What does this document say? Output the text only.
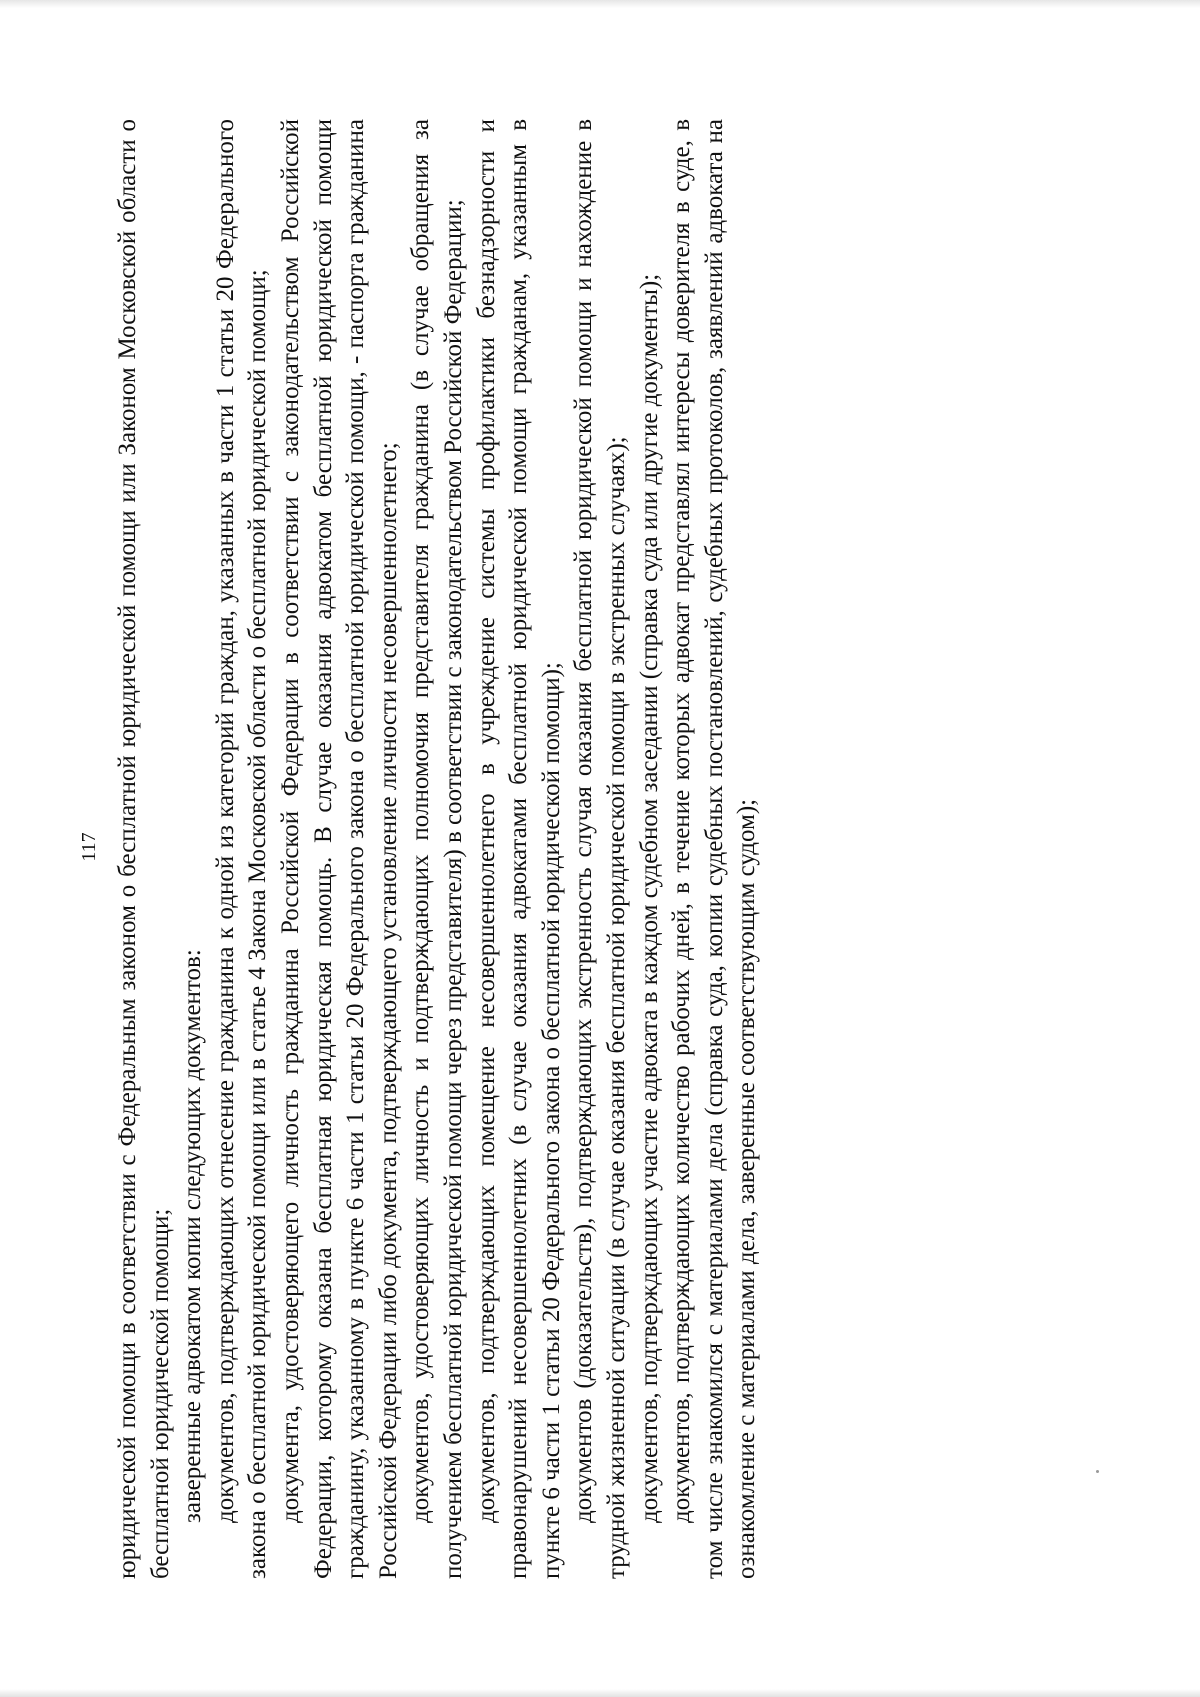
117 юридической помощи в соответствии с Федеральным законом о бесплатной юридической помощи или Законом Московской области о бесплатной юридической помощи; заверенные адвокатом копии следующих документов: документов, подтверждающих отнесение гражданина к одной из категорий граждан, указанных в части 1 статьи 20 Федерального закона о бесплатной юридической помощи или в статье 4 Закона Московской области о бесплатной юридической помощи; документа, удостоверяющего личность гражданина Российской Федерации в соответствии с законодательством Российской Федерации, которому оказана бесплатная юридическая помощь. В случае оказания адвокатом бесплатной юридической помощи гражданину, указанному в пункте 6 части 1 статьи 20 Федерального закона о бесплатной юридической помощи, - паспорта гражданина Российской Федерации либо документа, подтверждающего установление личности несовершеннолетнего; документов, удостоверяющих личность и подтверждающих полномочия представителя гражданина (в случае обращения за получением бесплатной юридической помощи через представителя) в соответствии с законодательством Российской Федерации; документов, подтверждающих помещение несовершеннолетнего в учреждение системы профилактики безнадзорности и правонарушений несовершеннолетних (в случае оказания адвокатами бесплатной юридической помощи гражданам, указанным в пункте 6 части 1 статьи 20 Федерального закона о бесплатной юридической помощи); документов (доказательств), подтверждающих экстренность случая оказания бесплатной юридической помощи и нахождение в трудной жизненной ситуации (в случае оказания бесплатной юридической помощи в экстренных случаях); документов, подтверждающих участие адвоката в каждом судебном заседании (справка суда или другие документы); документов, подтверждающих количество рабочих дней, в течение которых адвокат представлял интересы доверителя в суде, в том числе знакомился с материалами дела (справка суда, копии судебных постановлений, судебных протоколов, заявлений адвоката на ознакомление с материалами дела, заверенные соответствующим судом);
